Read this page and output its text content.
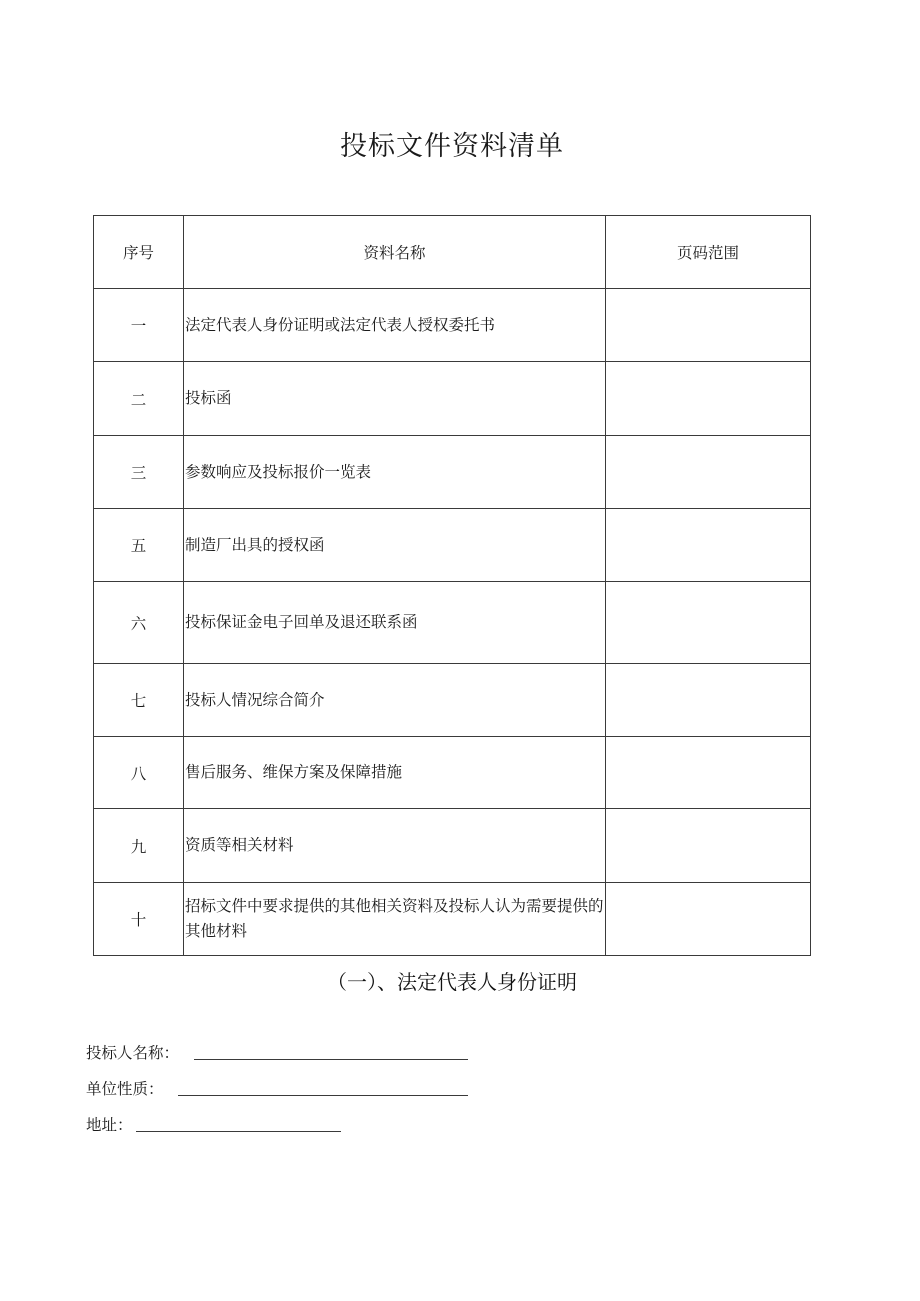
投标文件资料清单
序号	资料名称	页码范围
一	法定代表人身份证明或法定代表人授权委托书	
二	投标函	
三	参数响应及投标报价一览表	
五	制造厂出具的授权函	
六	投标保证金电子回单及退还联系函	
七	投标人情况综合简介	
八	售后服务、维保方案及保障措施	
九	资质等相关材料	
十	招标文件中要求提供的其他相关资料及投标人认为需要提供的其他材料	
（一）、法定代表人身份证明
投标人名称：
单位性质：
地址：
